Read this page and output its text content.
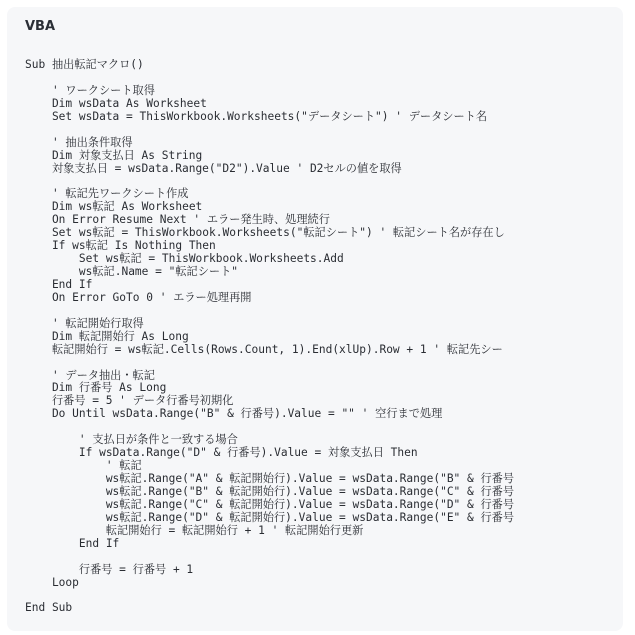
VBA
Sub 抽出転記マクロ()
' ワークシート取得
Dim wsData As Worksheet
Set wsData = ThisWorkbook.Worksheets("データシート") ' データシート名
' 抽出条件取得
Dim 対象支払日 As String
対象支払日 = wsData.Range("D2").Value ' D2セルの値を取得
' 転記先ワークシート作成
Dim ws転記 As Worksheet
On Error Resume Next ' エラー発生時、処理続行
Set ws転記 = ThisWorkbook.Worksheets("転記シート") ' 転記シート名が存在し
If ws転記 Is Nothing Then
Set ws転記 = ThisWorkbook.Worksheets.Add
ws転記.Name = "転記シート"
End If
On Error GoTo 0 ' エラー処理再開
' 転記開始行取得
Dim 転記開始行 As Long
転記開始行 = ws転記.Cells(Rows.Count, 1).End(xlUp).Row + 1 ' 転記先シー
' データ抽出・転記
Dim 行番号 As Long
行番号 = 5 ' データ行番号初期化
Do Until wsData.Range("B" & 行番号).Value = "" ' 空行まで処理
' 支払日が条件と一致する場合
If wsData.Range("D" & 行番号).Value = 対象支払日 Then
' 転記
ws転記.Range("A" & 転記開始行).Value = wsData.Range("B" & 行番号
ws転記.Range("B" & 転記開始行).Value = wsData.Range("C" & 行番号
ws転記.Range("C" & 転記開始行).Value = wsData.Range("D" & 行番号
ws転記.Range("D" & 転記開始行).Value = wsData.Range("E" & 行番号
転記開始行 = 転記開始行 + 1 ' 転記開始行更新
End If
行番号 = 行番号 + 1
Loop
End Sub
